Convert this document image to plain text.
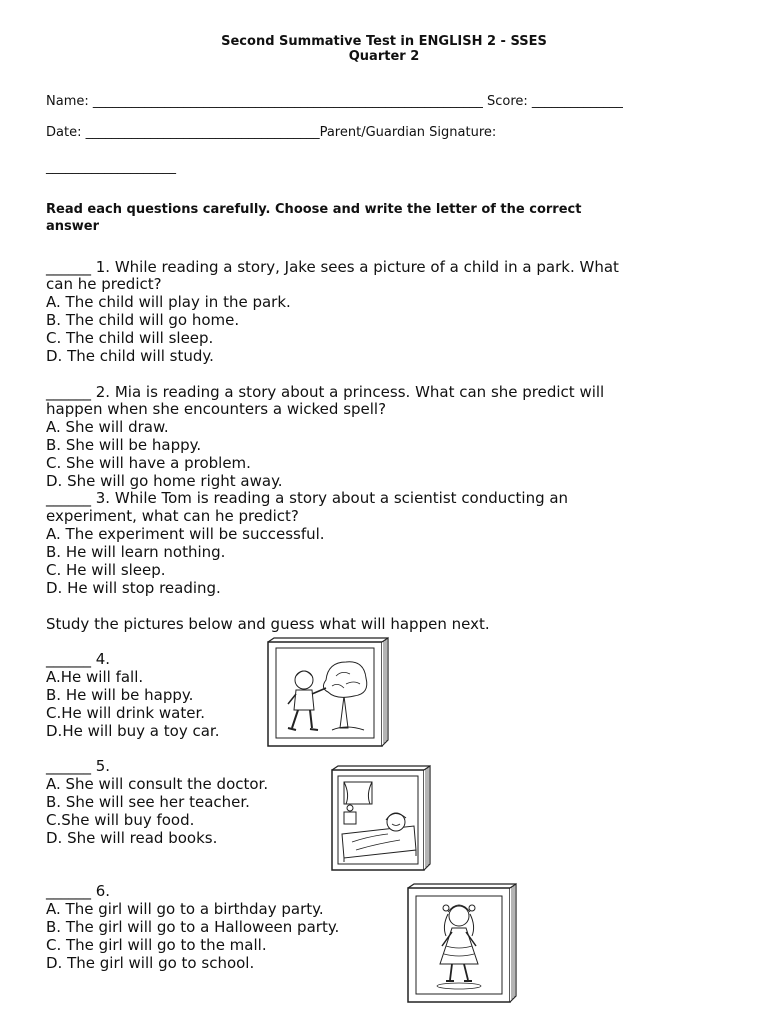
Second Summative Test in ENGLISH 2 - SSES
Quarter 2
Name: ____________________________________________________________ Score: ______________
Date: ____________________________________Parent/Guardian Signature:
____________________
Read each questions carefully. Choose and write the letter of the correct
answer
______ 1. While reading a story, Jake sees a picture of a child in a park. What
can he predict?
A. The child will play in the park.
B. The child will go home.
C. The child will sleep.
D. The child will study.
______ 2. Mia is reading a story about a princess. What can she predict will
happen when she encounters a wicked spell?
A. She will draw.
B. She will be happy.
C. She will have a problem.
D. She will go home right away.
______ 3. While Tom is reading a story about a scientist conducting an
experiment, what can he predict?
A. The experiment will be successful.
B. He will learn nothing.
C. He will sleep.
D. He will stop reading.
Study the pictures below and guess what will happen next.
______ 4.
A.He will fall.
B. He will be happy.
C.He will drink water.
D.He will buy a toy car.
______ 5.
A. She will consult the doctor.
B. She will see her teacher.
C.She will buy food.
D. She will read books.
______ 6.
A. The girl will go to a birthday party.
B. The girl will go to a Halloween party.
C. The girl will go to the mall.
D. The girl will go to school.
